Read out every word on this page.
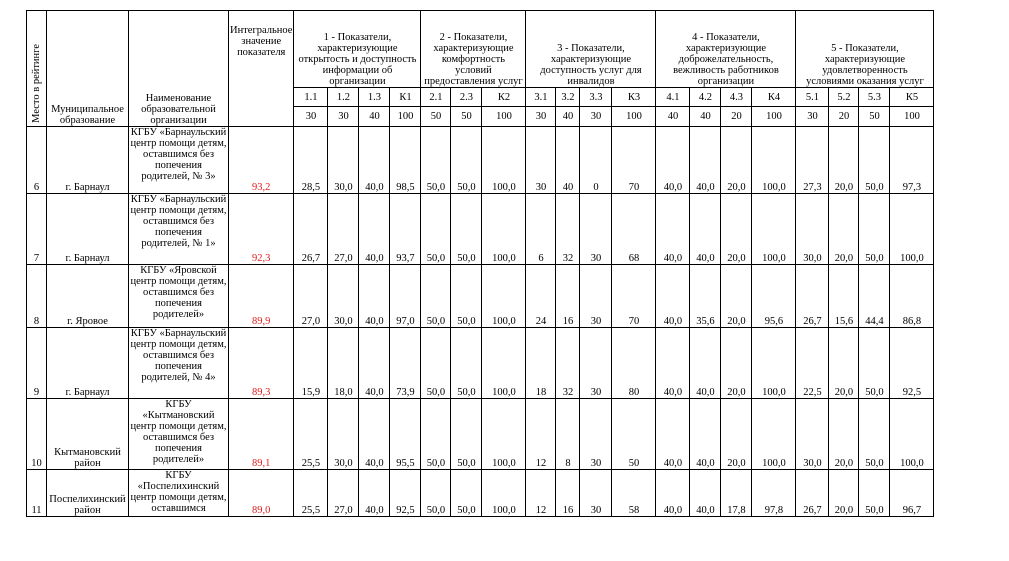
Место в рейтинге	Муниципальное образование	Наименование образовательной организации	Интегральное значение показателя	1 - Показатели, характеризующие открытость и доступность информации об организации				2 - Показатели, характеризующие комфортность условий предоставления услуг			3 - Показатели, характеризующие доступность услуг для инвалидов				4 - Показатели, характеризующие доброжелательность, вежливость работников организации				5 - Показатели, характеризующие удовлетворенность условиями оказания услуг			
				1.1	1.2	1.3	К1	2.1	2.3	К2	3.1	3.2	3.3	К3	4.1	4.2	4.3	К4	5.1	5.2	5.3	К5
				30	30	40	100	50	50	100	30	40	30	100	40	40	20	100	30	20	50	100
6	г. Барнаул	КГБУ «Барнаульский центр помощи детям, оставшимся без попечения родителей, № 3»	93,2	28,5	30,0	40,0	98,5	50,0	50,0	100,0	30	40	0	70	40,0	40,0	20,0	100,0	27,3	20,0	50,0	97,3
7	г. Барнаул	КГБУ «Барнаульский центр помощи детям, оставшимся без попечения родителей, № 1»	92,3	26,7	27,0	40,0	93,7	50,0	50,0	100,0	6	32	30	68	40,0	40,0	20,0	100,0	30,0	20,0	50,0	100,0
8	г. Яровое	КГБУ «Яровской центр помощи детям, оставшимся без попечения родителей»	89,9	27,0	30,0	40,0	97,0	50,0	50,0	100,0	24	16	30	70	40,0	35,6	20,0	95,6	26,7	15,6	44,4	86,8
9	г. Барнаул	КГБУ «Барнаульский центр помощи детям, оставшимся без попечения родителей, № 4»	89,3	15,9	18,0	40,0	73,9	50,0	50,0	100,0	18	32	30	80	40,0	40,0	20,0	100,0	22,5	20,0	50,0	92,5
10	Кытмановский район	КГБУ «Кытмановский центр помощи детям, оставшимся без попечения родителей»	89,1	25,5	30,0	40,0	95,5	50,0	50,0	100,0	12	8	30	50	40,0	40,0	20,0	100,0	30,0	20,0	50,0	100,0
11	Поспелихинский район	КГБУ «Поспелихинский центр помощи детям, оставшимся	89,0	25,5	27,0	40,0	92,5	50,0	50,0	100,0	12	16	30	58	40,0	40,0	17,8	97,8	26,7	20,0	50,0	96,7
